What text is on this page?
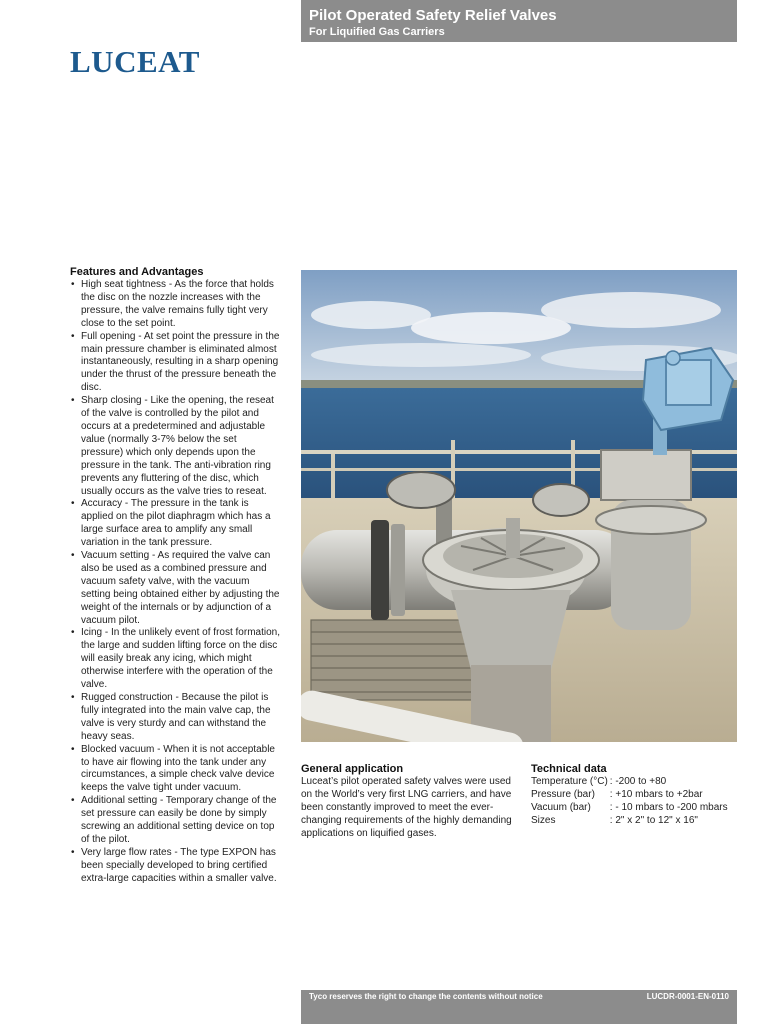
Pilot Operated Safety Relief Valves
For Liquified Gas Carriers
LUCEAT
Features and Advantages
• High seat tightness - As the force that holds the disc on the nozzle increases with the pressure, the valve remains fully tight very close to the set point.
• Full opening - At set point the pressure in the main pressure chamber is eliminated almost instantaneously, resulting in a sharp opening under the thrust of the pressure beneath the disc.
• Sharp closing - Like the opening, the reseat of the valve is controlled by the pilot and occurs at a predetermined and adjustable value (normally 3-7% below the set pressure) which only depends upon the pressure in the tank. The anti-vibration ring prevents any fluttering of the disc, which usually occurs as the valve tries to reseat.
• Accuracy - The pressure in the tank is applied on the pilot diaphragm which has a large surface area to amplify any small variation in the tank pressure.
• Vacuum setting - As required the valve can also be used as a combined pressure and vacuum safety valve, with the vacuum setting being obtained either by adjusting the weight of the internals or by adjunction of a vacuum pilot.
• Icing - In the unlikely event of frost formation, the large and sudden lifting force on the disc will easily break any icing, which might otherwise interfere with the operation of the valve.
• Rugged construction - Because the pilot is fully integrated into the main valve cap, the valve is very sturdy and can withstand the heavy seas.
• Blocked vacuum - When it is not acceptable to have air flowing into the tank under any circumstances, a simple check valve device keeps the valve tight under vacuum.
• Additional setting - Temporary change of the set pressure can easily be done by simply screwing an additional setting device on top of the pilot.
• Very large flow rates - The type EXPON has been specially developed to bring certified extra-large capacities within a smaller valve.
General application

Luceat’s pilot operated safety valves were used on the World’s very first LNG carriers, and have been constantly improved to meet the ever-changing requirements of the highly demanding applications on liquified gases.

Technical data
Temperature (°C)	: -200 to +80
Pressure (bar)	: +10 mbars to +2bar
Vacuum (bar)	: - 10 mbars to -200 mbars
Sizes	: 2" x 2" to 12" x 16"
Tyco reserves the right to change the contents without notice	LUCDR-0001-EN-0110
